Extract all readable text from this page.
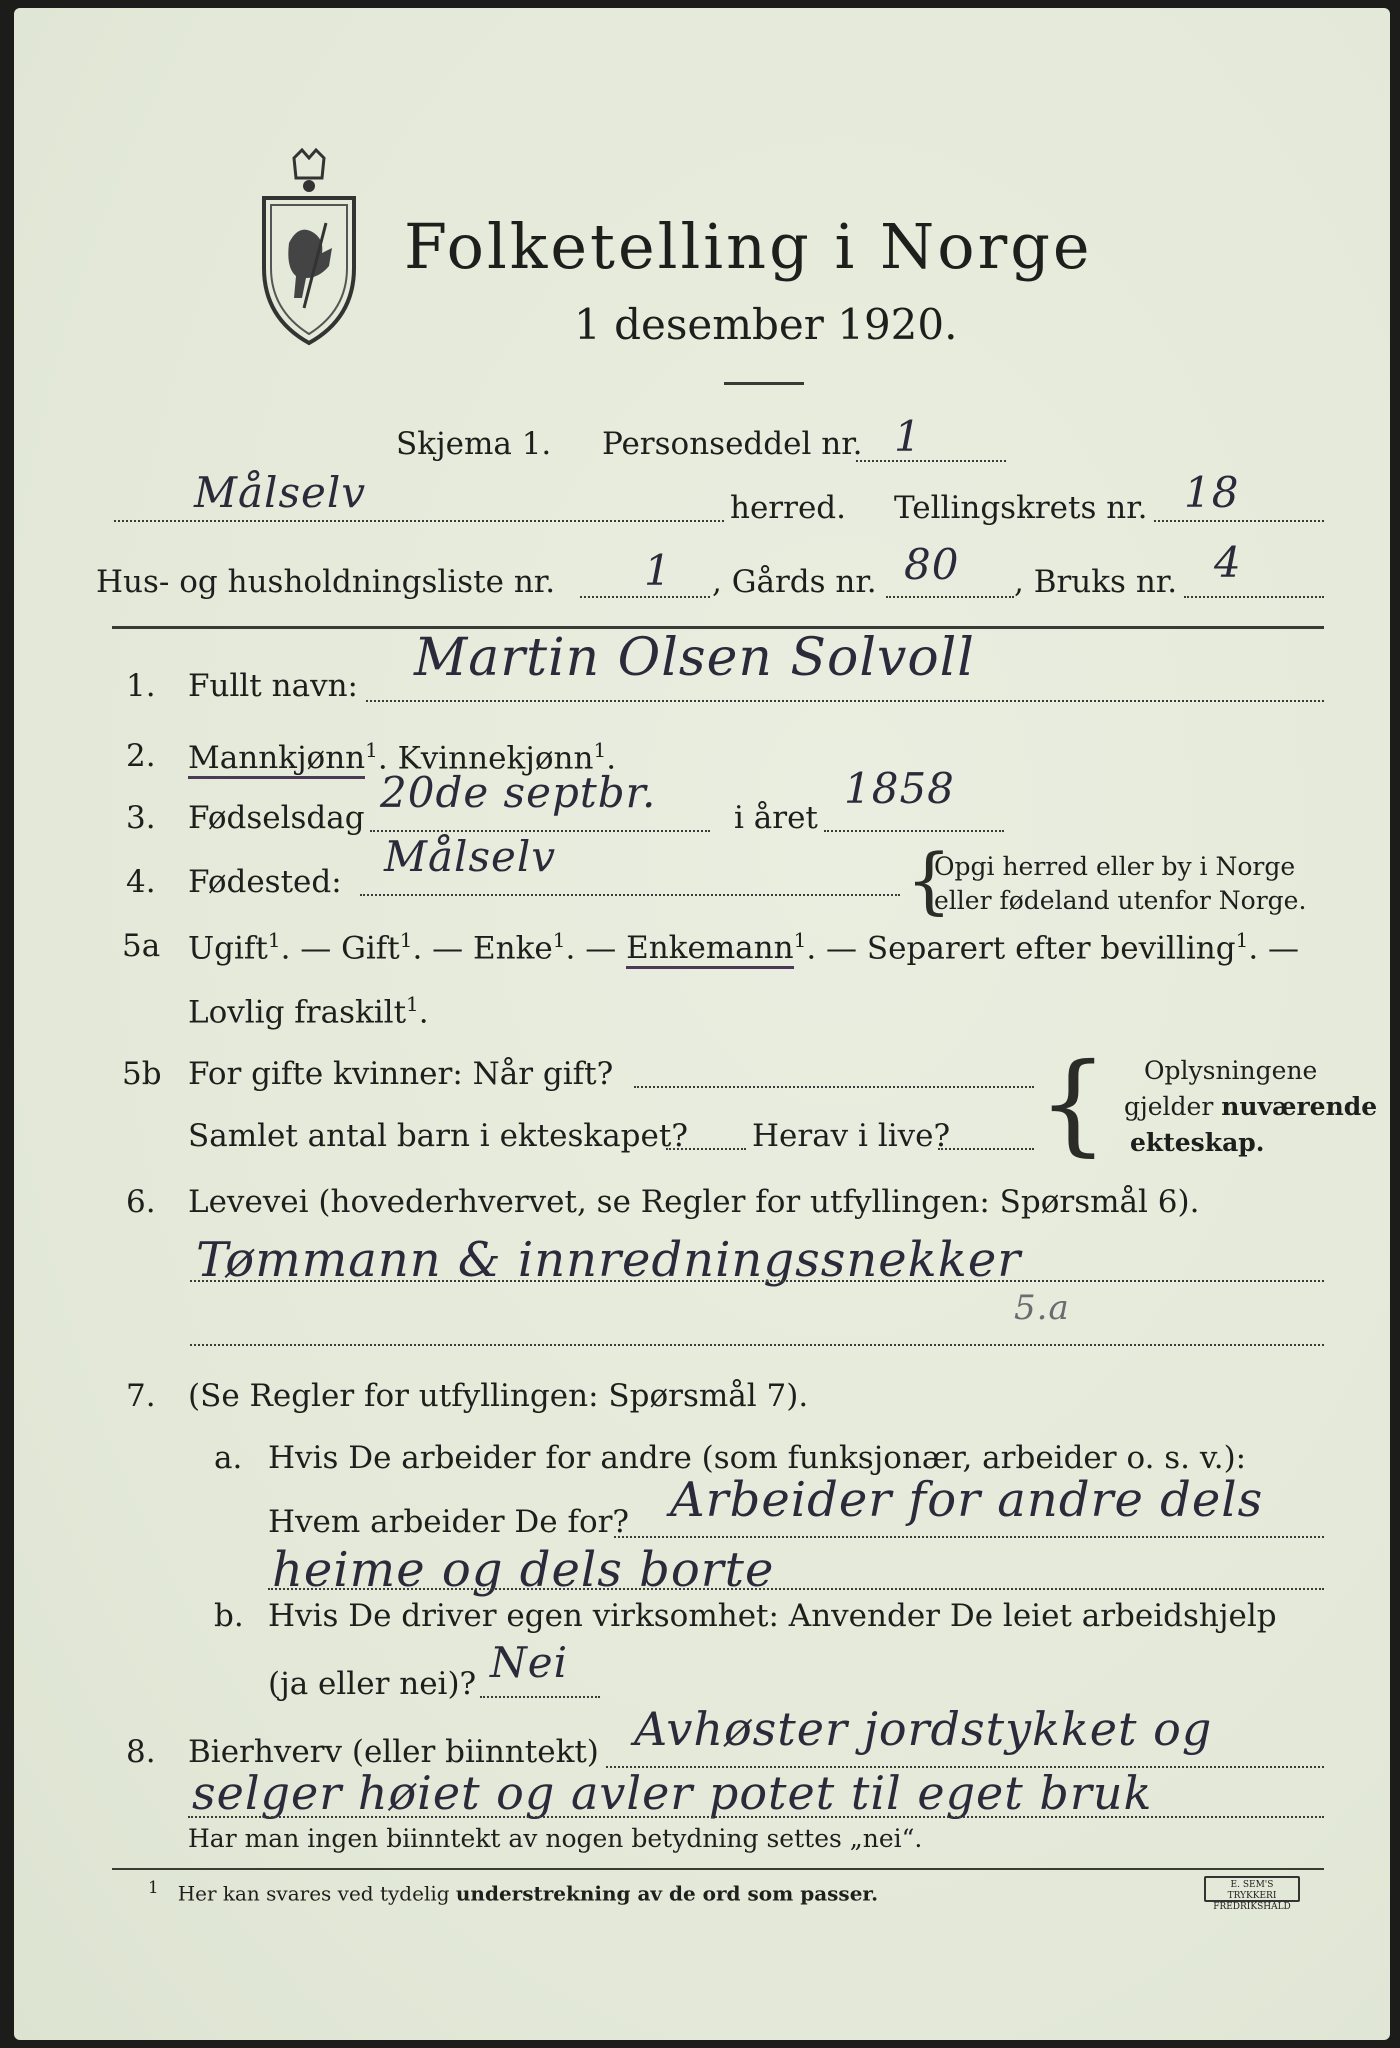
Folketelling i Norge
1 desember 1920.
Skjema 1. Personseddel nr. 1
Målselv	herred. Tellingskrets nr. 18
Hus- og husholdningsliste nr. 1 , Gårds nr. 80 , Bruks nr. 4
1. Fullt navn: Martin Olsen Solvoll
2. Mannkjønn$^1$. Kvinnekjønn$^1$.
3. Fødselsdag
20de septbr.
i året
1858
4. Fødested:
Målselv	{
Opgi herred eller by i Norge
eller fødeland utenfor Norge.
5a Ugift$^1$. — Gift$^1$. — Enke$^1$. — Enkemann$^1$. — Separert efter bevilling$^1$. —
Lovlig fraskilt$^1$.
5b For gifte kvinner: Når gift?
Samlet antal barn i ekteskapet? Herav i live? { Oplysningene
gjelder nuværende
ekteskap.
6. Levevei (hovederhvervet, se Regler for utfyllingen: Spørsmål 6).
Tømmann & innredningssnekker
5.a
7. (Se Regler for utfyllingen: Spørsmål 7).
a. Hvis De arbeider for andre (som funksjonær, arbeider o. s. v.):
Hvem arbeider De for? Arbeider for andre dels
heime og dels borte
b. Hvis De driver egen virksomhet: Anvender De leiet arbeidshjelp
(ja eller nei)? Nei
8. Bierhverv (eller biinntekt) Avhøster jordstykket og
selger høiet og avler potet til eget bruk
Har man ingen biinntekt av nogen betydning settes „nei“.
$^1$ Her kan svares ved tydelig understrekning av de ord som passer.	E. SEM'S TRYKKERI
FREDRIKSHALD
